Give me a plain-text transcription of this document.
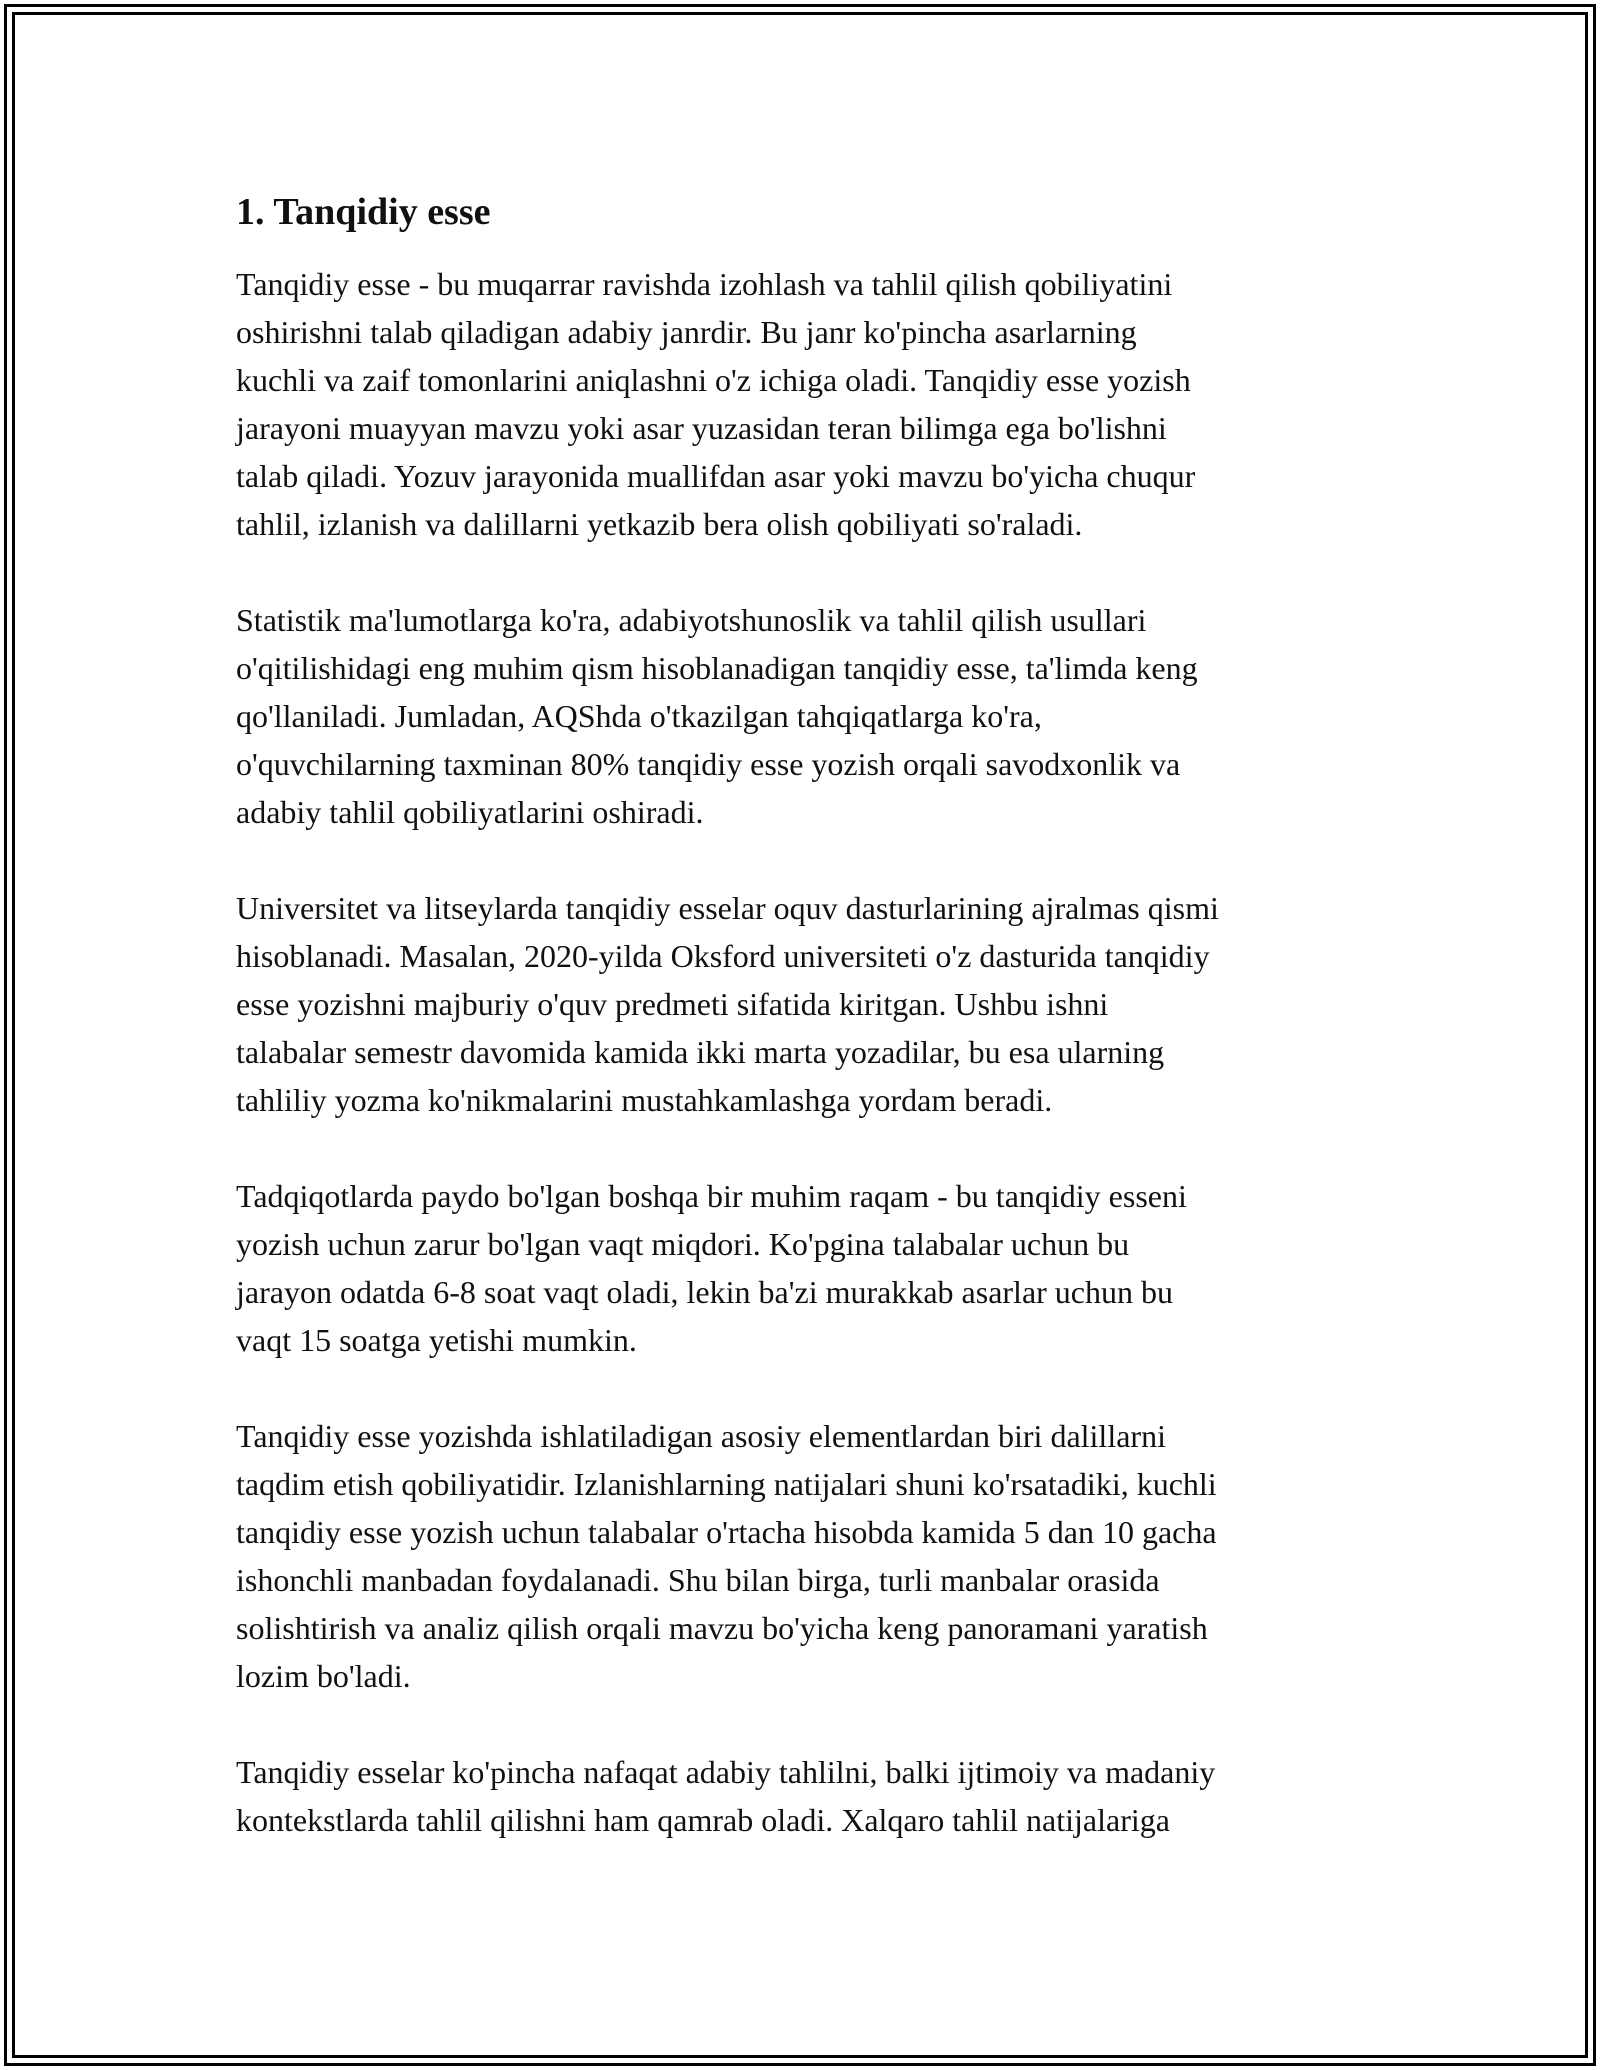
1. Tanqidiy esse

Tanqidiy esse - bu muqarrar ravishda izohlash va tahlil qilish qobiliyatini
oshirishni talab qiladigan adabiy janrdir. Bu janr ko'pincha asarlarning
kuchli va zaif tomonlarini aniqlashni o'z ichiga oladi. Tanqidiy esse yozish
jarayoni muayyan mavzu yoki asar yuzasidan teran bilimga ega bo'lishni
talab qiladi. Yozuv jarayonida muallifdan asar yoki mavzu bo'yicha chuqur
tahlil, izlanish va dalillarni yetkazib bera olish qobiliyati so'raladi.

Statistik ma'lumotlarga ko'ra, adabiyotshunoslik va tahlil qilish usullari
o'qitilishidagi eng muhim qism hisoblanadigan tanqidiy esse, ta'limda keng
qo'llaniladi. Jumladan, AQShda o'tkazilgan tahqiqatlarga ko'ra,
o'quvchilarning taxminan 80% tanqidiy esse yozish orqali savodxonlik va
adabiy tahlil qobiliyatlarini oshiradi.

Universitet va litseylarda tanqidiy esselar oquv dasturlarining ajralmas qismi
hisoblanadi. Masalan, 2020-yilda Oksford universiteti o'z dasturida tanqidiy
esse yozishni majburiy o'quv predmeti sifatida kiritgan. Ushbu ishni
talabalar semestr davomida kamida ikki marta yozadilar, bu esa ularning
tahliliy yozma ko'nikmalarini mustahkamlashga yordam beradi.

Tadqiqotlarda paydo bo'lgan boshqa bir muhim raqam - bu tanqidiy esseni
yozish uchun zarur bo'lgan vaqt miqdori. Ko'pgina talabalar uchun bu
jarayon odatda 6-8 soat vaqt oladi, lekin ba'zi murakkab asarlar uchun bu
vaqt 15 soatga yetishi mumkin.

Tanqidiy esse yozishda ishlatiladigan asosiy elementlardan biri dalillarni
taqdim etish qobiliyatidir. Izlanishlarning natijalari shuni ko'rsatadiki, kuchli
tanqidiy esse yozish uchun talabalar o'rtacha hisobda kamida 5 dan 10 gacha
ishonchli manbadan foydalanadi. Shu bilan birga, turli manbalar orasida
solishtirish va analiz qilish orqali mavzu bo'yicha keng panoramani yaratish
lozim bo'ladi.

Tanqidiy esselar ko'pincha nafaqat adabiy tahlilni, balki ijtimoiy va madaniy
kontekstlarda tahlil qilishni ham qamrab oladi. Xalqaro tahlil natijalariga
